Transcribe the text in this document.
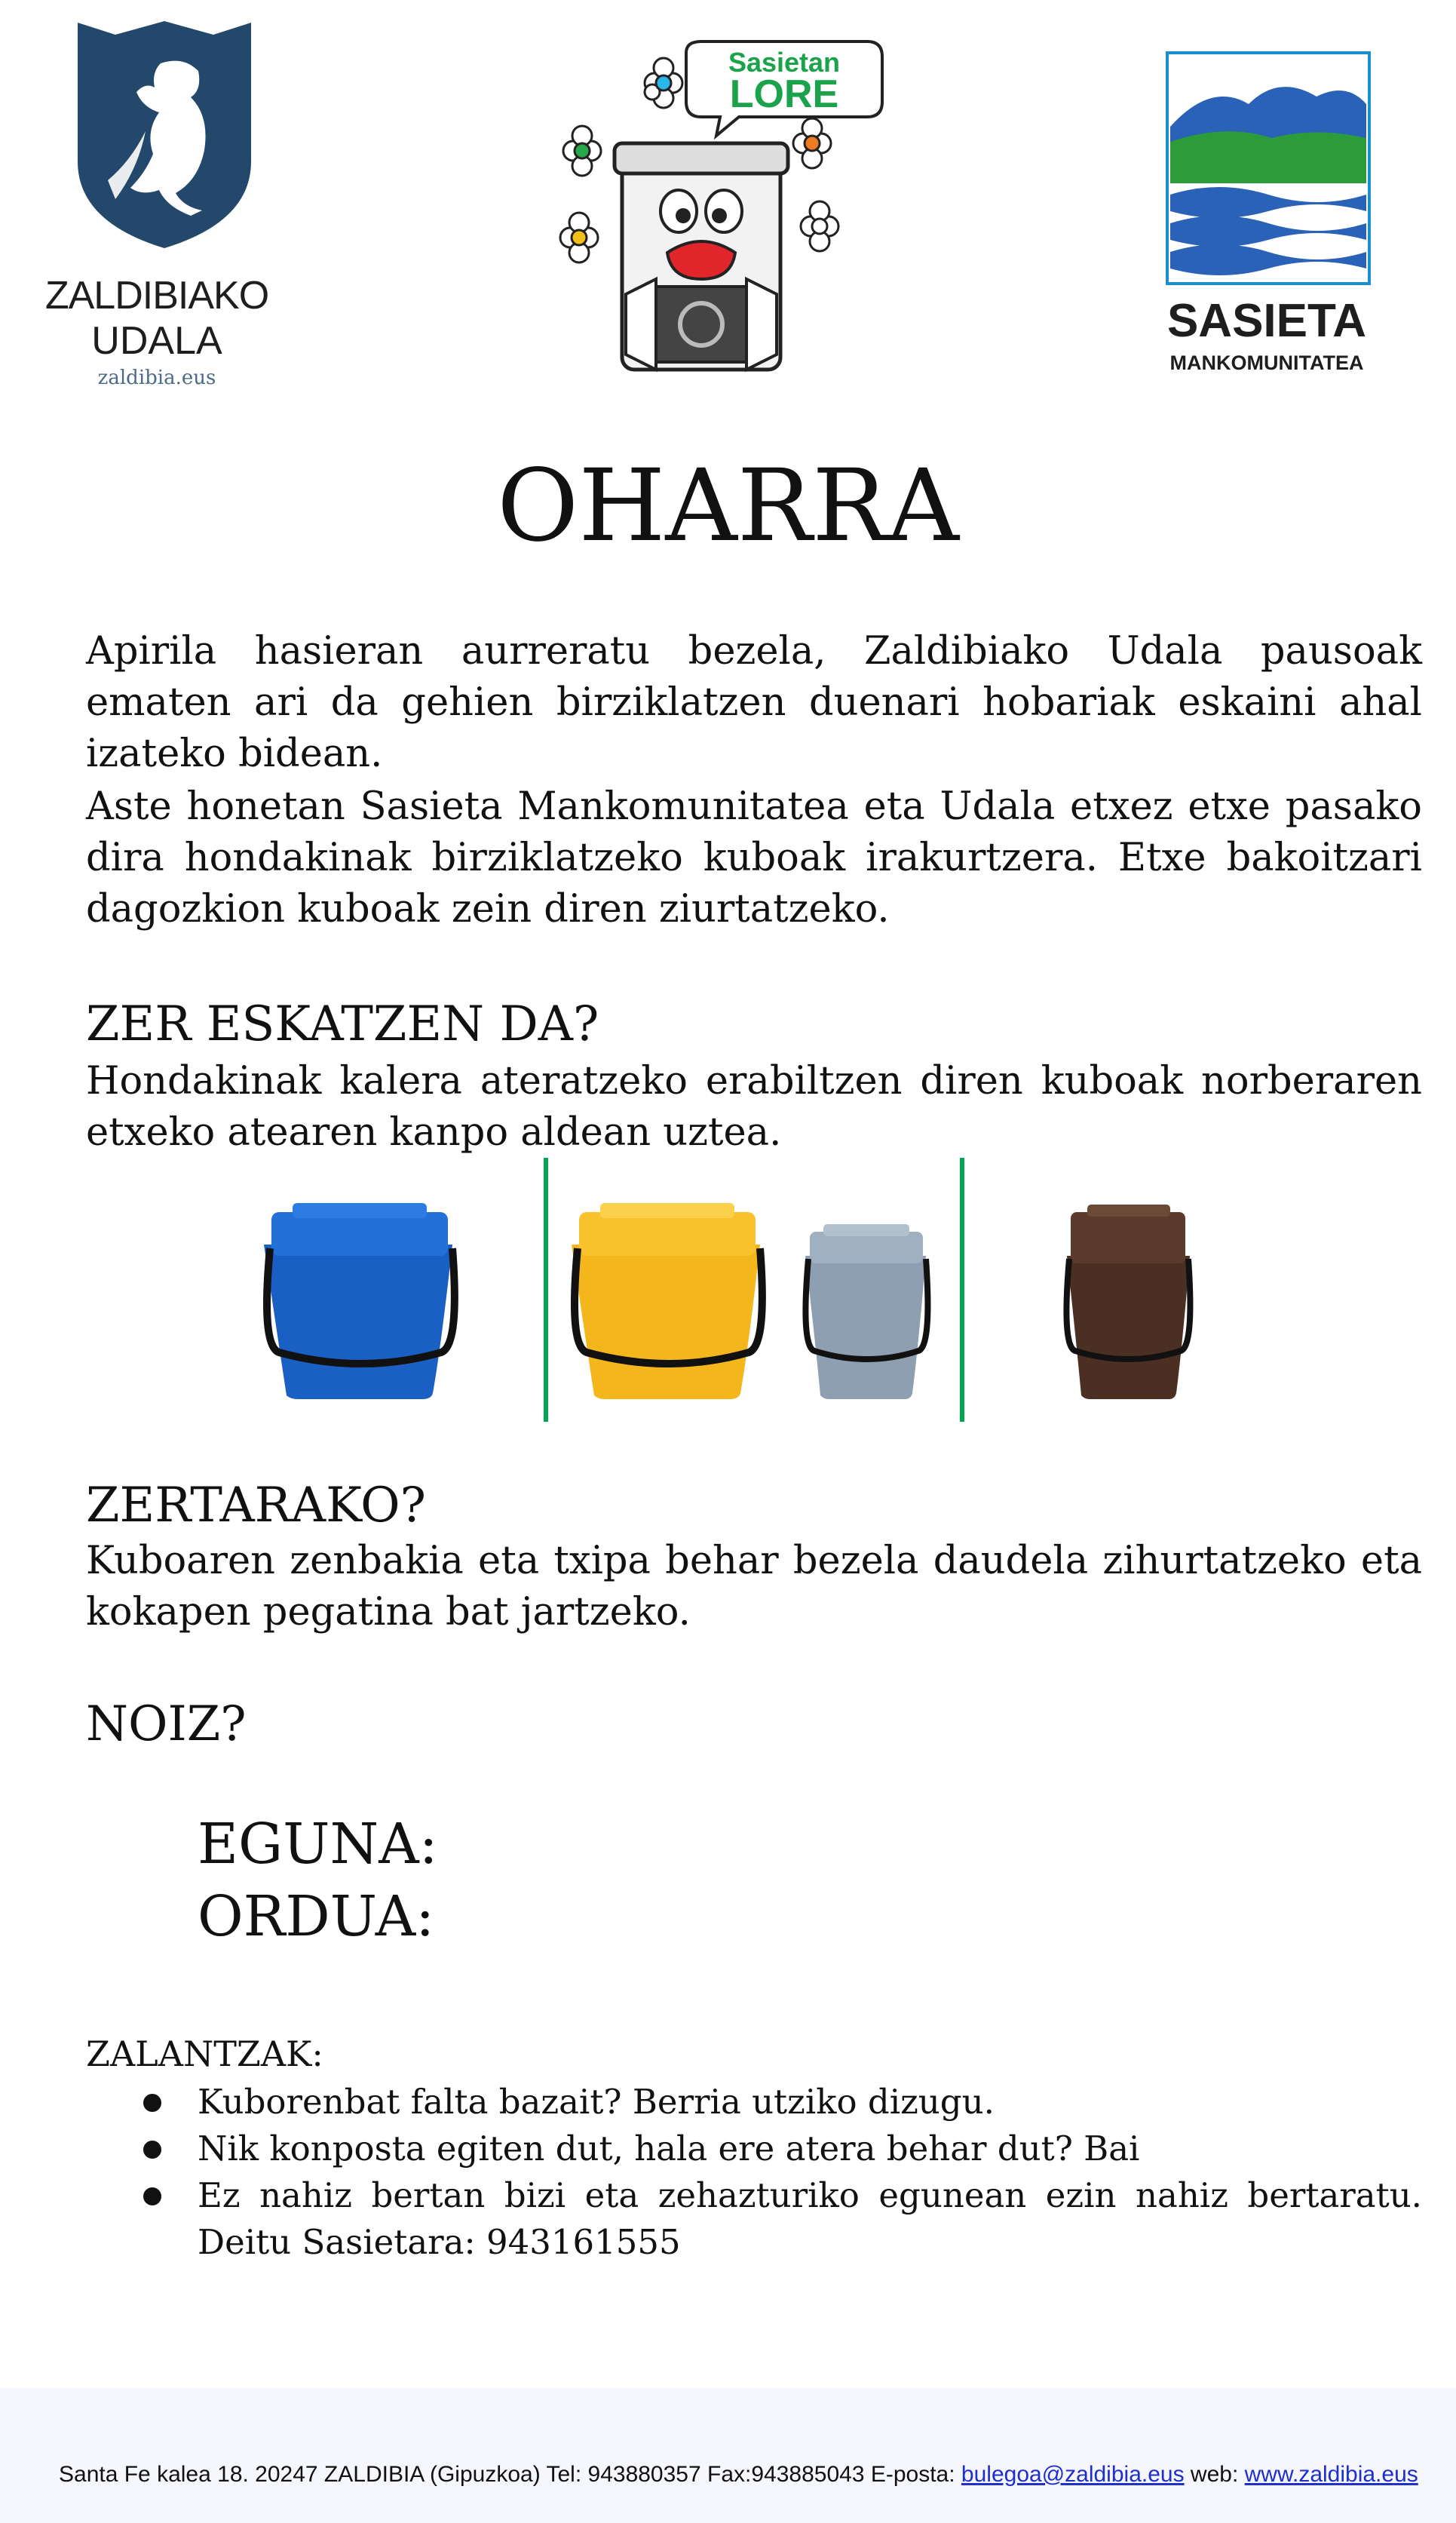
ZALDIBIAKO
UDALA
zaldibia.eus
Sasietan
LORE
SASIETA
MANKOMUNITATEA
OHARRA
Apirila hasieran aurreratu bezela, Zaldibiako Udala pausoak ematen ari da gehien birziklatzen duenari hobariak eskaini ahal izateko bidean.
Aste honetan Sasieta Mankomunitatea eta Udala etxez etxe pasako dira hondakinak birziklatzeko kuboak irakurtzera. Etxe bakoitzari dagozkion kuboak zein diren ziurtatzeko.
ZER ESKATZEN DA?
Hondakinak kalera ateratzeko erabiltzen diren kuboak norberaren etxeko atearen kanpo aldean uztea.
ZERTARAKO?
Kuboaren zenbakia eta txipa behar bezela daudela zihurtatzeko eta kokapen pegatina bat jartzeko.
NOIZ?
EGUNA:
ORDUA:
ZALANTZAK:
Kuborenbat falta bazait? Berria utziko dizugu.
Nik konposta egiten dut, hala ere atera behar dut? Bai
Ez nahiz bertan bizi eta zehazturiko egunean ezin nahiz bertaratu. Deitu Sasietara: 943161555
Santa Fe kalea 18. 20247 ZALDIBIA (Gipuzkoa) Tel: 943880357 Fax:943885043 E-posta: bulegoa@zaldibia.eus web: www.zaldibia.eus
